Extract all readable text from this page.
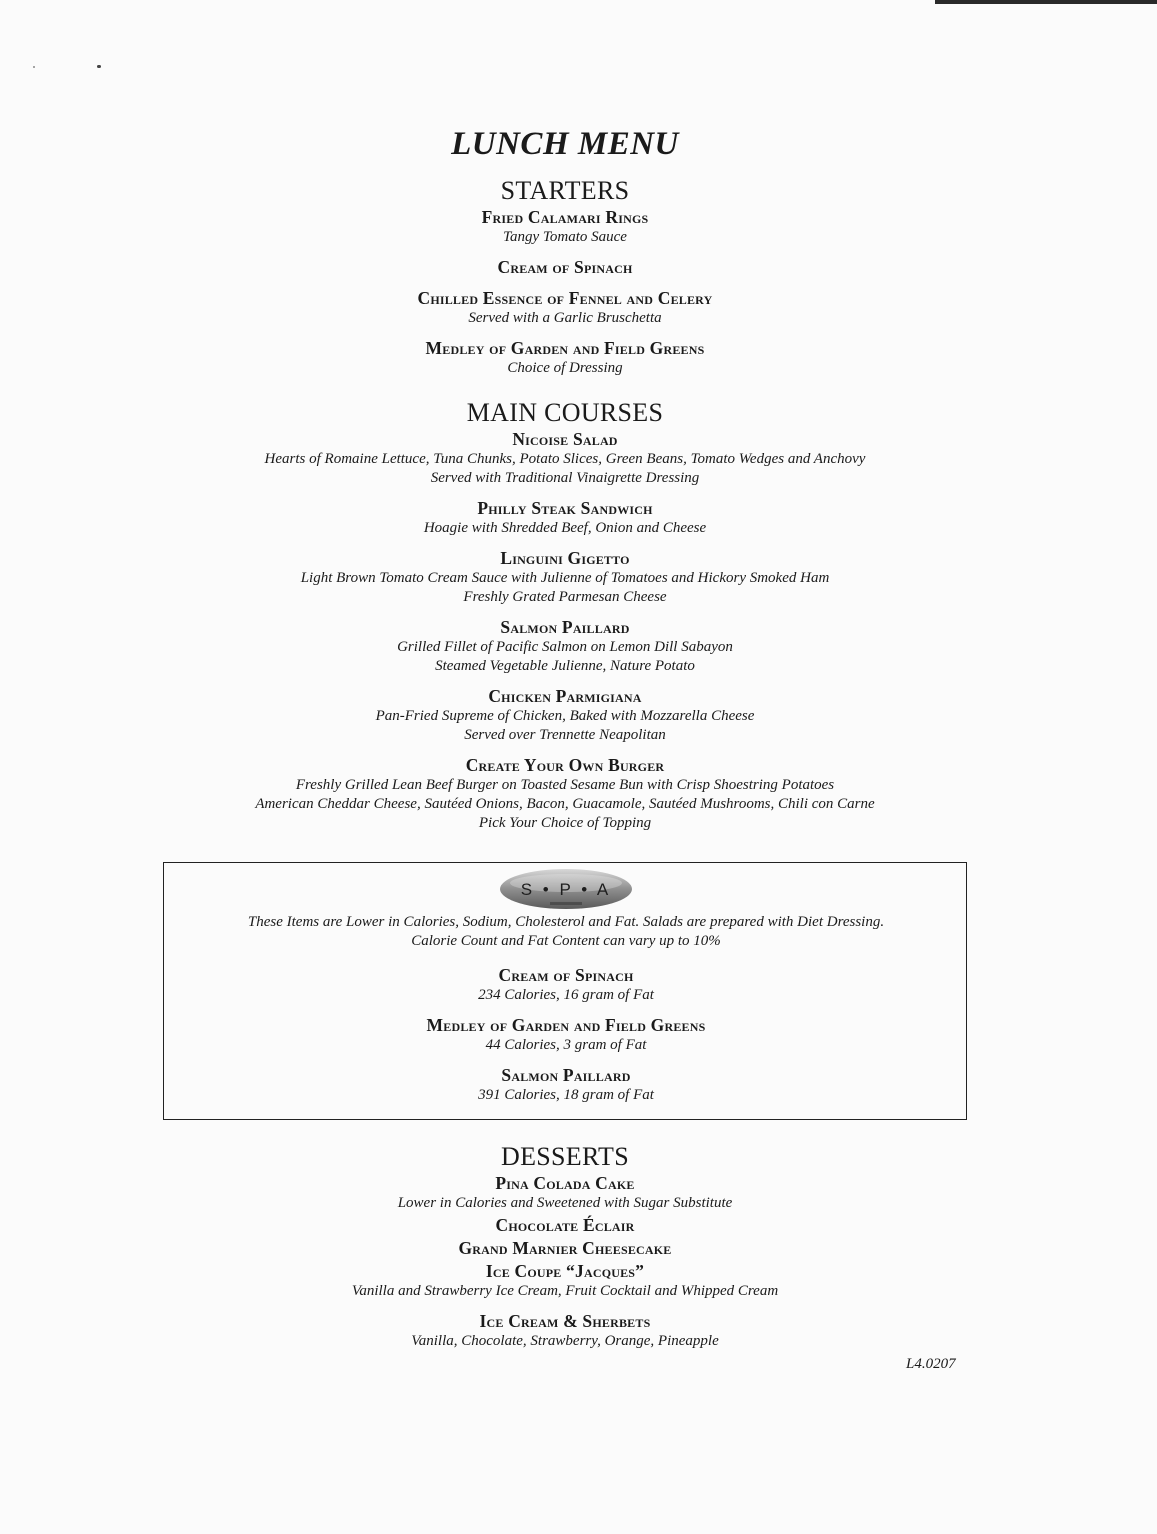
LUNCH MENU
STARTERS

Fried Calamari Rings

Tangy Tomato Sauce

Cream of Spinach

Chilled Essence of Fennel and Celery

Served with a Garlic Bruschetta

Medley of Garden and Field Greens

Choice of Dressing

MAIN COURSES

Nicoise Salad

Hearts of Romaine Lettuce, Tuna Chunks, Potato Slices, Green Beans, Tomato Wedges and Anchovy

Served with Traditional Vinaigrette Dressing

Philly Steak Sandwich

Hoagie with Shredded Beef, Onion and Cheese

Linguini Gigetto

Light Brown Tomato Cream Sauce with Julienne of Tomatoes and Hickory Smoked Ham

Freshly Grated Parmesan Cheese

Salmon Paillard

Grilled Fillet of Pacific Salmon on Lemon Dill Sabayon

Steamed Vegetable Julienne, Nature Potato

Chicken Parmigiana

Pan-Fried Supreme of Chicken, Baked with Mozzarella Cheese

Served over Trennette Neapolitan

Create Your Own Burger

Freshly Grilled Lean Beef Burger on Toasted Sesame Bun with Crisp Shoestring Potatoes

American Cheddar Cheese, Sautéed Onions, Bacon, Guacamole, Sautéed Mushrooms, Chili con Carne

Pick Your Choice of Topping

S • P • A

These Items are Lower in Calories, Sodium, Cholesterol and Fat. Salads are prepared with Diet Dressing.

Calorie Count and Fat Content can vary up to 10%

Cream of Spinach

234 Calories, 16 gram of Fat

Medley of Garden and Field Greens

44 Calories, 3 gram of Fat

Salmon Paillard

391 Calories, 18 gram of Fat

DESSERTS

Pina Colada Cake

Lower in Calories and Sweetened with Sugar Substitute

Chocolate Éclair

Grand Marnier Cheesecake

Ice Coupe “Jacques”

Vanilla and Strawberry Ice Cream, Fruit Cocktail and Whipped Cream

Ice Cream & Sherbets

Vanilla, Chocolate, Strawberry, Orange, Pineapple

L4.0207
